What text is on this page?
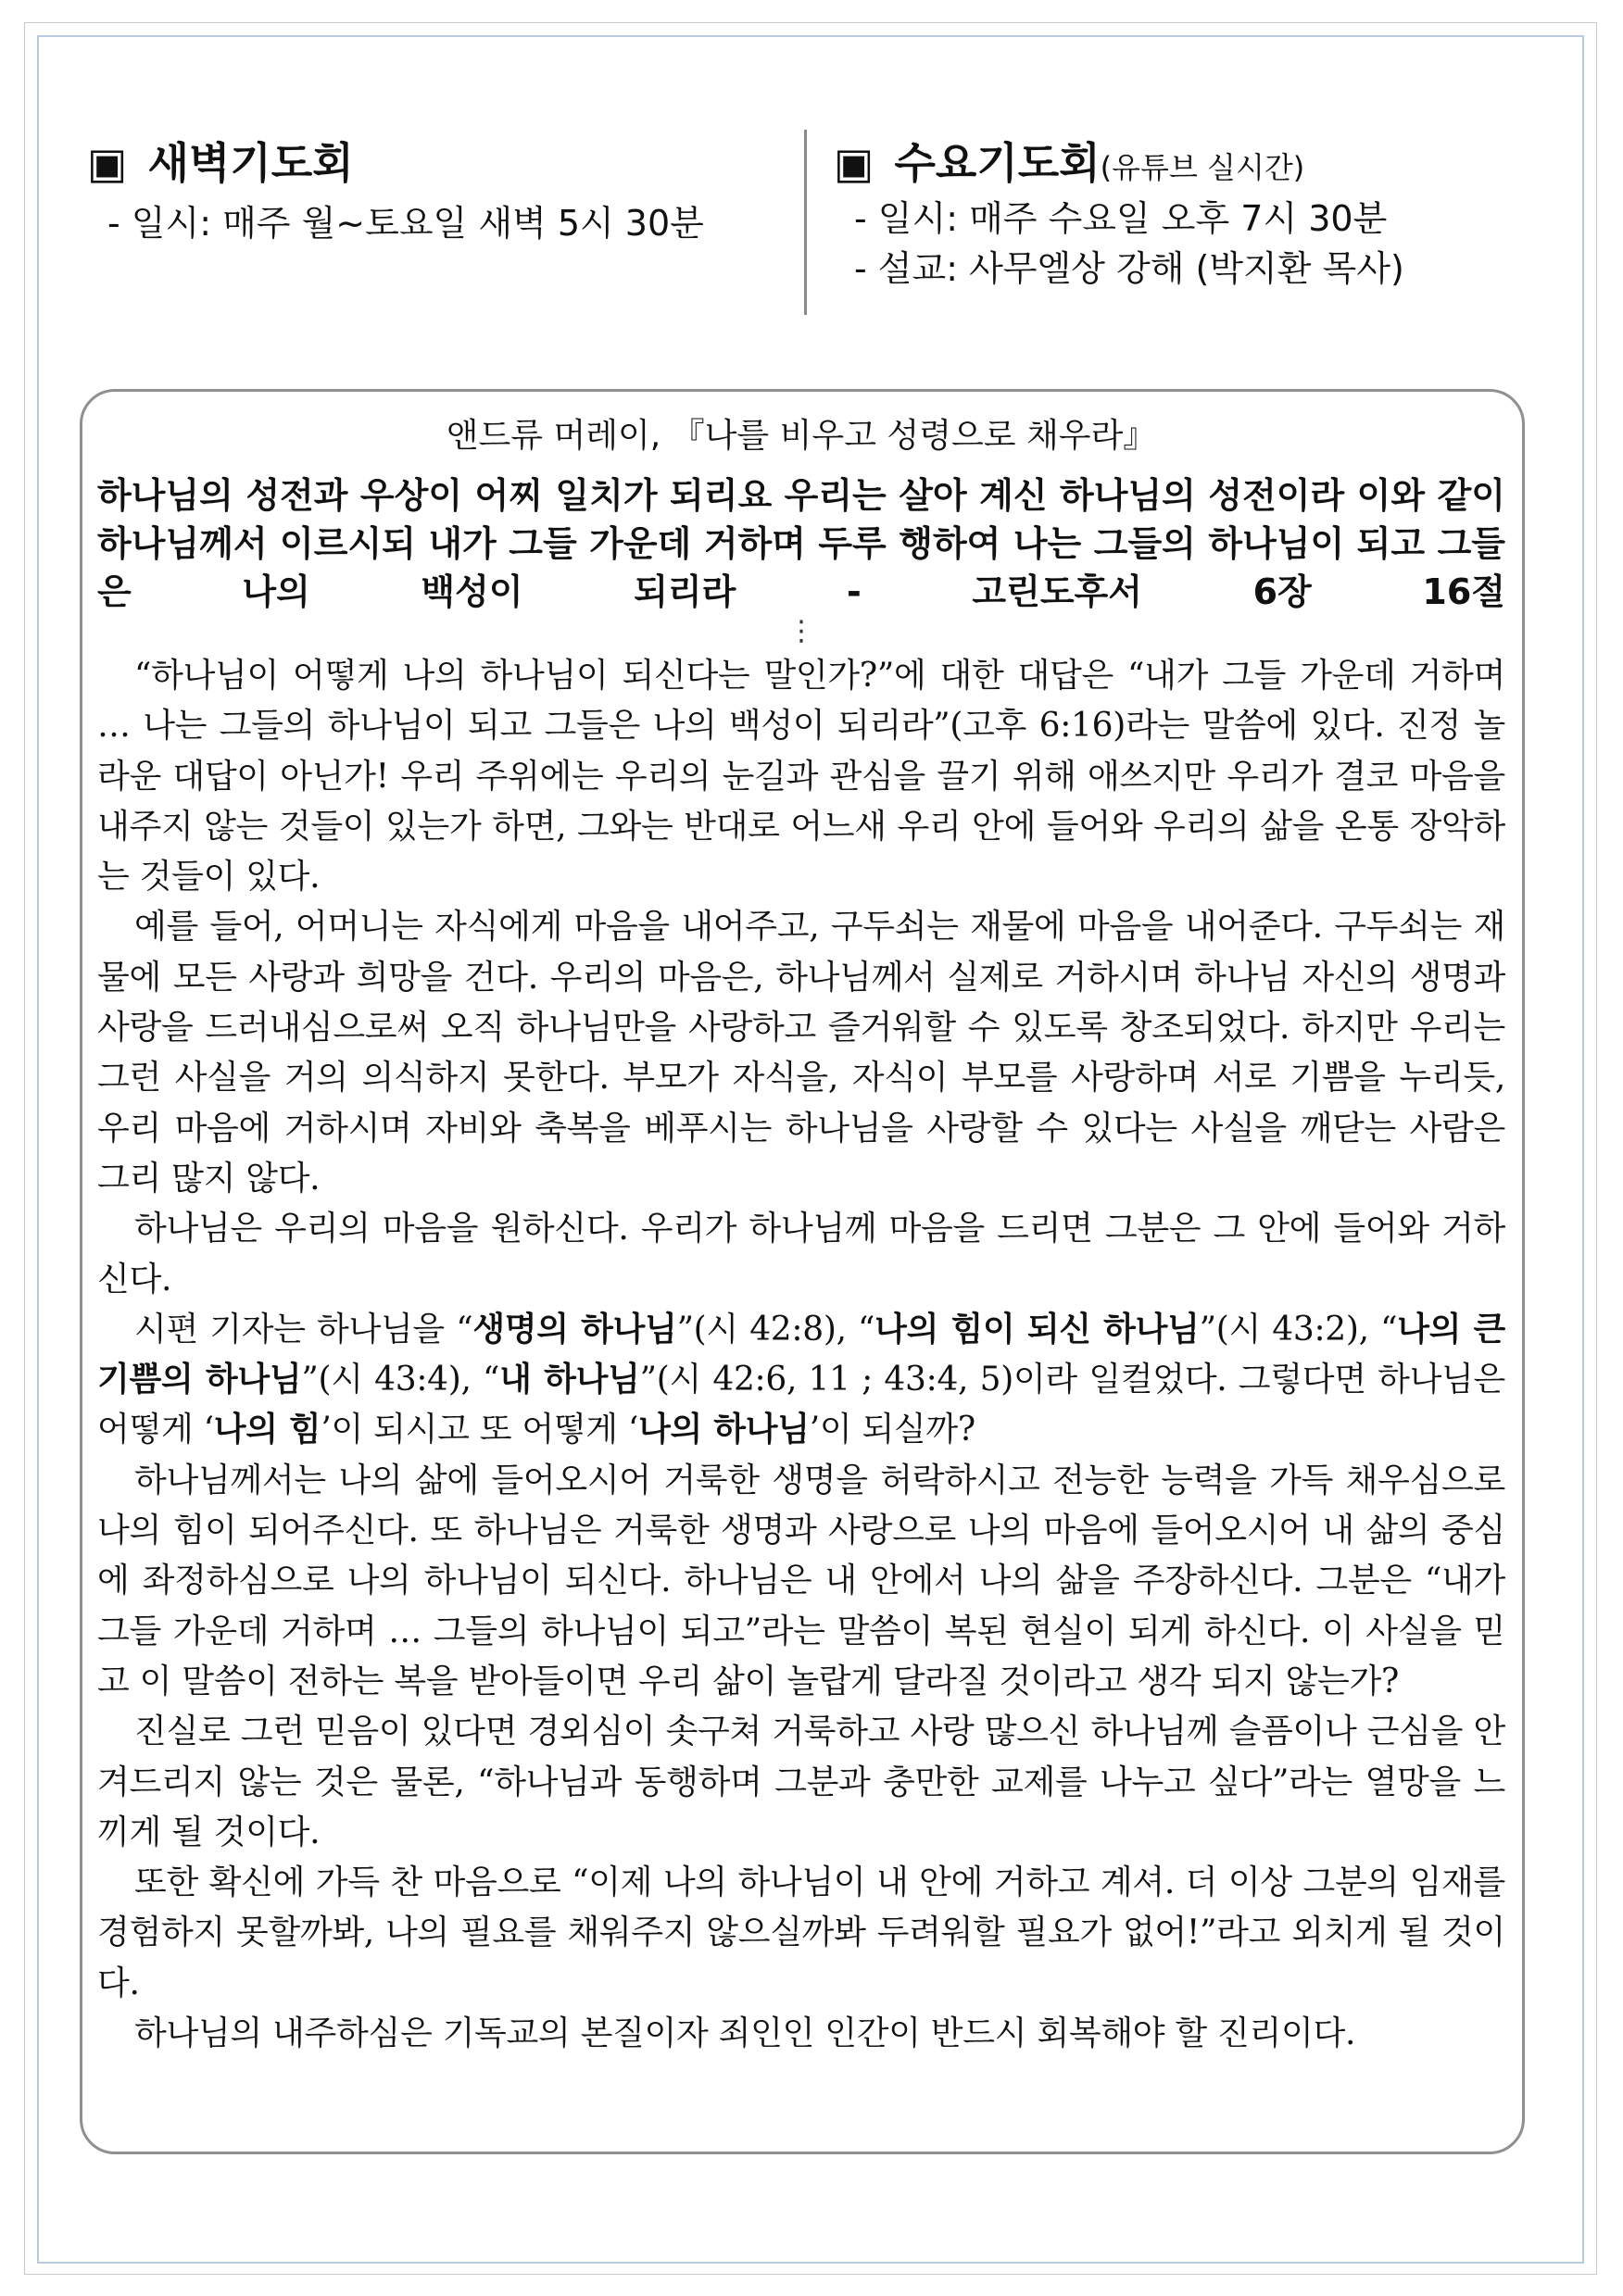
▣ 새벽기도회
- 일시: 매주 월~토요일 새벽 5시 30분
▣ 수요기도회(유튜브 실시간)
- 일시: 매주 수요일 오후 7시 30분
- 설교: 사무엘상 강해 (박지환 목사)
앤드류 머레이, 『나를 비우고 성령으로 채우라』
하나님의 성전과 우상이 어찌 일치가 되리요 우리는 살아 계신 하나님의 성전이라 이와 같이 하나님께서 이르시되 내가 그들 가운데 거하며 두루 행하여 나는 그들의 하나님이 되고 그들은 나의 백성이 되리라 - 고린도후서 6장 16절
⋮

“하나님이 어떻게 나의 하나님이 되신다는 말인가?”에 대한 대답은 “내가 그들 가운데 거하며 … 나는 그들의 하나님이 되고 그들은 나의 백성이 되리라”(고후 6:16)라는 말씀에 있다. 진정 놀라운 대답이 아닌가! 우리 주위에는 우리의 눈길과 관심을 끌기 위해 애쓰지만 우리가 결코 마음을 내주지 않는 것들이 있는가 하면, 그와는 반대로 어느새 우리 안에 들어와 우리의 삶을 온통 장악하는 것들이 있다.

예를 들어, 어머니는 자식에게 마음을 내어주고, 구두쇠는 재물에 마음을 내어준다. 구두쇠는 재물에 모든 사랑과 희망을 건다. 우리의 마음은, 하나님께서 실제로 거하시며 하나님 자신의 생명과 사랑을 드러내심으로써 오직 하나님만을 사랑하고 즐거워할 수 있도록 창조되었다. 하지만 우리는 그런 사실을 거의 의식하지 못한다. 부모가 자식을, 자식이 부모를 사랑하며 서로 기쁨을 누리듯, 우리 마음에 거하시며 자비와 축복을 베푸시는 하나님을 사랑할 수 있다는 사실을 깨닫는 사람은 그리 많지 않다.

하나님은 우리의 마음을 원하신다. 우리가 하나님께 마음을 드리면 그분은 그 안에 들어와 거하신다.

시편 기자는 하나님을 “생명의 하나님”(시 42:8), “나의 힘이 되신 하나님”(시 43:2), “나의 큰 기쁨의 하나님”(시 43:4), “내 하나님”(시 42:6, 11 ; 43:4, 5)이라 일컬었다. 그렇다면 하나님은 어떻게 ‘나의 힘’이 되시고 또 어떻게 ‘나의 하나님’이 되실까?

하나님께서는 나의 삶에 들어오시어 거룩한 생명을 허락하시고 전능한 능력을 가득 채우심으로 나의 힘이 되어주신다. 또 하나님은 거룩한 생명과 사랑으로 나의 마음에 들어오시어 내 삶의 중심에 좌정하심으로 나의 하나님이 되신다. 하나님은 내 안에서 나의 삶을 주장하신다. 그분은 “내가 그들 가운데 거하며 … 그들의 하나님이 되고”라는 말씀이 복된 현실이 되게 하신다. 이 사실을 믿고 이 말씀이 전하는 복을 받아들이면 우리 삶이 놀랍게 달라질 것이라고 생각 되지 않는가?

진실로 그런 믿음이 있다면 경외심이 솟구쳐 거룩하고 사랑 많으신 하나님께 슬픔이나 근심을 안겨드리지 않는 것은 물론, “하나님과 동행하며 그분과 충만한 교제를 나누고 싶다”라는 열망을 느끼게 될 것이다.

또한 확신에 가득 찬 마음으로 “이제 나의 하나님이 내 안에 거하고 계셔. 더 이상 그분의 임재를 경험하지 못할까봐, 나의 필요를 채워주지 않으실까봐 두려워할 필요가 없어!”라고 외치게 될 것이다.

하나님의 내주하심은 기독교의 본질이자 죄인인 인간이 반드시 회복해야 할 진리이다.
